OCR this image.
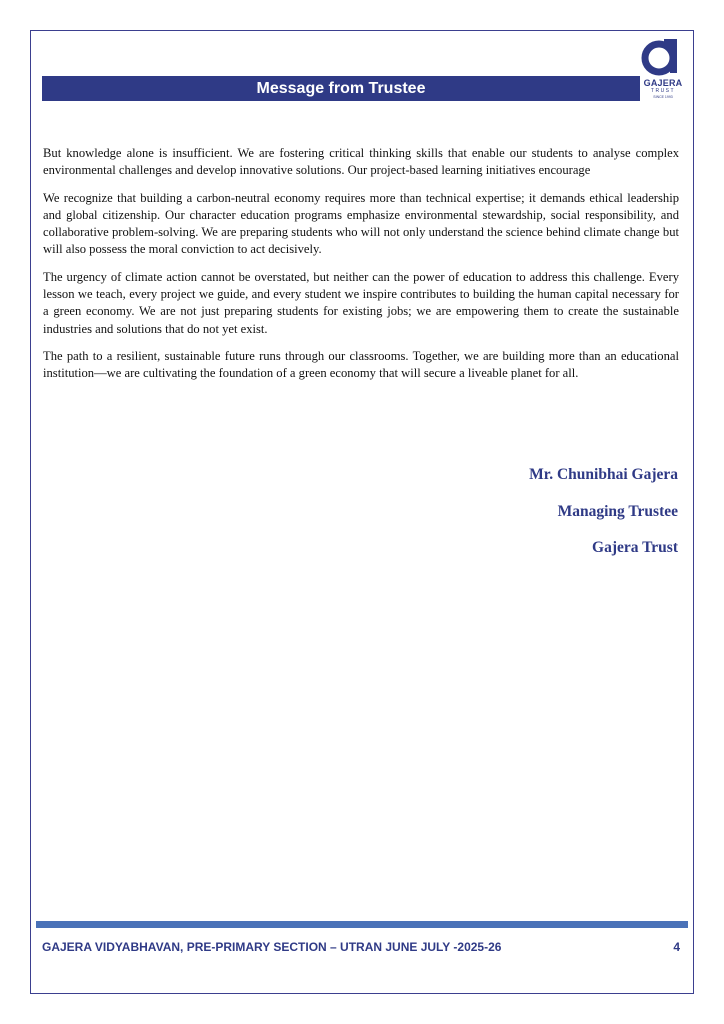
Message from Trustee	GAJERA
TRUST
SINCE 1993

But knowledge alone is insufficient. We are fostering critical thinking skills that enable our students to analyse complex environmental challenges and develop innovative solutions. Our project-based learning initiatives encourage

We recognize that building a carbon-neutral economy requires more than technical expertise; it demands ethical leadership and global citizenship. Our character education programs emphasize environmental stewardship, social responsibility, and collaborative problem-solving. We are preparing students who will not only understand the science behind climate change but will also possess the moral conviction to act decisively.

The urgency of climate action cannot be overstated, but neither can the power of education to address this challenge. Every lesson we teach, every project we guide, and every student we inspire contributes to building the human capital necessary for a green economy. We are not just preparing students for existing jobs; we are empowering them to create the sustainable industries and solutions that do not yet exist.

The path to a resilient, sustainable future runs through our classrooms. Together, we are building more than an educational institution—we are cultivating the foundation of a green economy that will secure a liveable planet for all.

Mr. Chunibhai Gajera
Managing Trustee
Gajera Trust
GAJERA VIDYABHAVAN, PRE-PRIMARY SECTION – UTRAN JUNE JULY -2025-26	4
